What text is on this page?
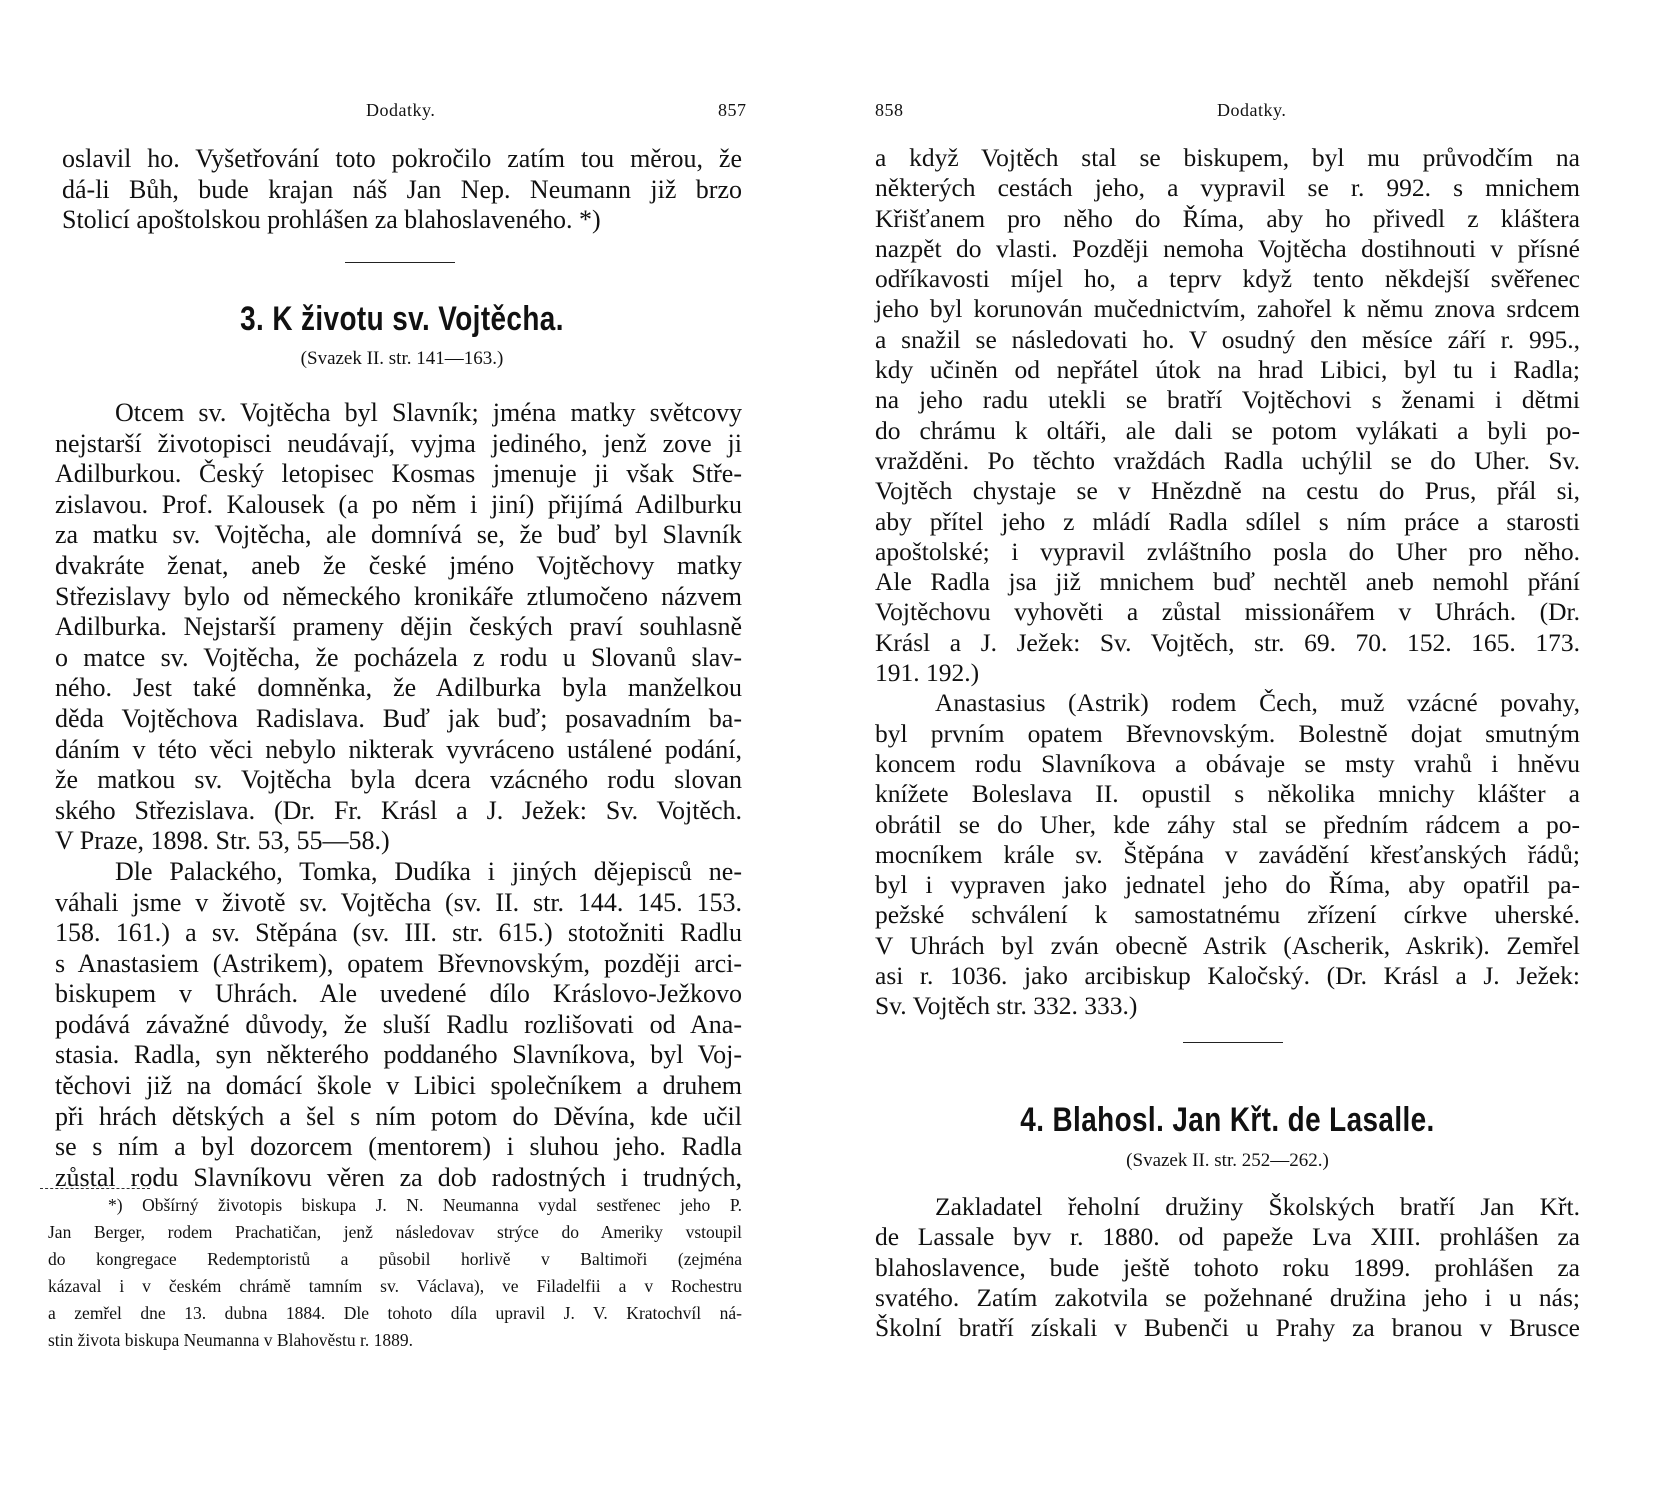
Dodatky.	857
oslavil ho. Vyšetřování toto pokročilo zatím tou měrou, že
dá-li Bůh, bude krajan náš Jan Nep. Neumann již brzo
Stolicí apoštolskou prohlášen za blahoslaveného. *)
3. K životu sv. Vojtěcha.
(Svazek II. str. 141—163.)
Otcem sv. Vojtěcha byl Slavník; jména matky světcovy
nejstarší životopisci neudávají, vyjma jediného, jenž zove ji
Adilburkou. Český letopisec Kosmas jmenuje ji však Stře-
zislavou. Prof. Kalousek (a po něm i jiní) přijímá Adilburku
za matku sv. Vojtěcha, ale domnívá se, že buď byl Slavník
dvakráte ženat, aneb že české jméno Vojtěchovy matky
Střezislavy bylo od německého kronikáře ztlumočeno názvem
Adilburka. Nejstarší prameny dějin českých praví souhlasně
o matce sv. Vojtěcha, že pocházela z rodu u Slovanů slav-
ného. Jest také domněnka, že Adilburka byla manželkou
děda Vojtěchova Radislava. Buď jak buď; posavadním ba-
dáním v této věci nebylo nikterak vyvráceno ustálené podání,
že matkou sv. Vojtěcha byla dcera vzácného rodu slovan
ského Střezislava. (Dr. Fr. Krásl a J. Ježek: Sv. Vojtěch.
V Praze, 1898. Str. 53, 55—58.)
Dle Palackého, Tomka, Dudíka i jiných dějepisců ne-
váhali jsme v životě sv. Vojtěcha (sv. II. str. 144. 145. 153.
158. 161.) a sv. Stěpána (sv. III. str. 615.) stotožniti Radlu
s Anastasiem (Astrikem), opatem Břevnovským, později arci-
biskupem v Uhrách. Ale uvedené dílo Kráslovo-Ježkovo
podává závažné důvody, že sluší Radlu rozlišovati od Ana-
stasia. Radla, syn některého poddaného Slavníkova, byl Voj-
těchovi již na domácí škole v Libici společníkem a druhem
při hrách dětských a šel s ním potom do Děvína, kde učil
se s ním a byl dozorcem (mentorem) i sluhou jeho. Radla
zůstal rodu Slavníkovu věren za dob radostných i trudných,
*) Obšírný životopis biskupa J. N. Neumanna vydal sestřenec jeho P.
Jan Berger, rodem Prachatičan, jenž následovav strýce do Ameriky vstoupil
do kongregace Redemptoristů a působil horlivě v Baltimoři (zejména
kázaval i v českém chrámě tamním sv. Václava), ve Filadelfii a v Rochestru
a zemřel dne 13. dubna 1884. Dle tohoto díla upravil J. V. Kratochvíl ná-
stin života biskupa Neumanna v Blahověstu r. 1889.
858	Dodatky.
a když Vojtěch stal se biskupem, byl mu průvodčím na
některých cestách jeho, a vypravil se r. 992. s mnichem
Křišťanem pro něho do Říma, aby ho přivedl z kláštera
nazpět do vlasti. Později nemoha Vojtěcha dostihnouti v přísné
odříkavosti míjel ho, a teprv když tento někdejší svěřenec
jeho byl korunován mučednictvím, zahořel k němu znova srdcem
a snažil se následovati ho. V osudný den měsíce září r. 995.,
kdy učiněn od nepřátel útok na hrad Libici, byl tu i Radla;
na jeho radu utekli se bratří Vojtěchovi s ženami i dětmi
do chrámu k oltáři, ale dali se potom vylákati a byli po-
vražděni. Po těchto vraždách Radla uchýlil se do Uher. Sv.
Vojtěch chystaje se v Hnězdně na cestu do Prus, přál si,
aby přítel jeho z mládí Radla sdílel s ním práce a starosti
apoštolské; i vypravil zvláštního posla do Uher pro něho.
Ale Radla jsa již mnichem buď nechtěl aneb nemohl přání
Vojtěchovu vyhověti a zůstal missionářem v Uhrách. (Dr.
Krásl a J. Ježek: Sv. Vojtěch, str. 69. 70. 152. 165. 173.
191. 192.)
Anastasius (Astrik) rodem Čech, muž vzácné povahy,
byl prvním opatem Břevnovským. Bolestně dojat smutným
koncem rodu Slavníkova a obávaje se msty vrahů i hněvu
knížete Boleslava II. opustil s několika mnichy klášter a
obrátil se do Uher, kde záhy stal se předním rádcem a po-
mocníkem krále sv. Štěpána v zavádění křesťanských řádů;
byl i vypraven jako jednatel jeho do Říma, aby opatřil pa-
pežské schválení k samostatnému zřízení církve uherské.
V Uhrách byl zván obecně Astrik (Ascherik, Askrik). Zemřel
asi r. 1036. jako arcibiskup Kaločský. (Dr. Krásl a J. Ježek:
Sv. Vojtěch str. 332. 333.)
4. Blahosl. Jan Křt. de Lasalle.
(Svazek II. str. 252—262.)
Zakladatel řeholní družiny Školských bratří Jan Křt.
de Lassale byv r. 1880. od papeže Lva XIII. prohlášen za
blahoslavence, bude ještě tohoto roku 1899. prohlášen za
svatého. Zatím zakotvila se požehnané družina jeho i u nás;
Školní bratří získali v Bubenči u Prahy za branou v Brusce
